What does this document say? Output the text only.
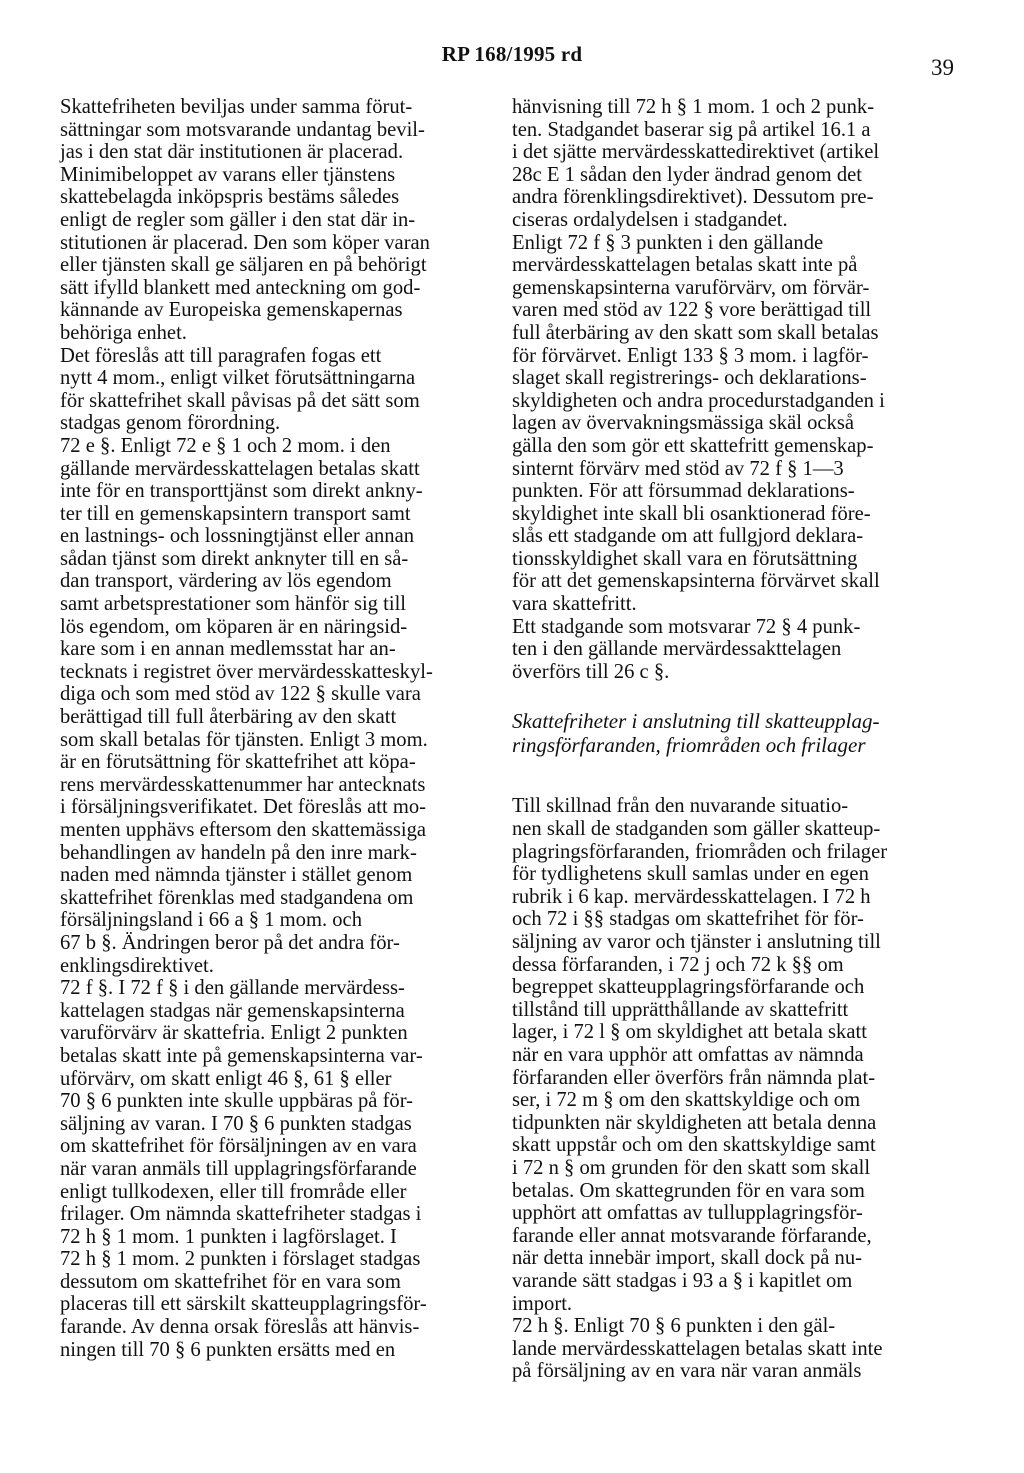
RP 168/1995 rd
39
Skattefriheten beviljas under samma förut-
sättningar som motsvarande undantag bevil-
jas i den stat där institutionen är placerad.
Minimibeloppet av varans eller tjänstens
skattebelagda inköpspris bestäms således
enligt de regler som gäller i den stat där in-
stitutionen är placerad. Den som köper varan
eller tjänsten skall ge säljaren en på behörigt
sätt ifylld blankett med anteckning om god-
kännande av Europeiska gemenskapernas
behöriga enhet.
Det föreslås att till paragrafen fogas ett
nytt 4 mom., enligt vilket förutsättningarna
för skattefrihet skall påvisas på det sätt som
stadgas genom förordning.
72 e §. Enligt 72 e § 1 och 2 mom. i den
gällande mervärdesskattelagen betalas skatt
inte för en transporttjänst som direkt ankny-
ter till en gemenskapsintern transport samt
en lastnings- och lossningtjänst eller annan
sådan tjänst som direkt anknyter till en så-
dan transport, värdering av lös egendom
samt arbetsprestationer som hänför sig till
lös egendom, om köparen är en näringsid-
kare som i en annan medlemsstat har an-
tecknats i registret över mervärdesskatteskyl-
diga och som med stöd av 122 § skulle vara
berättigad till full återbäring av den skatt
som skall betalas för tjänsten. Enligt 3 mom.
är en förutsättning för skattefrihet att köpa-
rens mervärdesskattenummer har antecknats
i försäljningsverifikatet. Det föreslås att mo-
menten upphävs eftersom den skattemässiga
behandlingen av handeln på den inre mark-
naden med nämnda tjänster i stället genom
skattefrihet förenklas med stadgandena om
försäljningsland i 66 a § 1 mom. och
67 b §. Ändringen beror på det andra för-
enklingsdirektivet.
72 f §. I 72 f § i den gällande mervärdess-
kattelagen stadgas när gemenskapsinterna
varuförvärv är skattefria. Enligt 2 punkten
betalas skatt inte på gemenskapsinterna var-
uförvärv, om skatt enligt 46 §, 61 § eller
70 § 6 punkten inte skulle uppbäras på för-
säljning av varan. I 70 § 6 punkten stadgas
om skattefrihet för försäljningen av en vara
när varan anmäls till upplagringsförfarande
enligt tullkodexen, eller till frområde eller
frilager. Om nämnda skattefriheter stadgas i
72 h § 1 mom. 1 punkten i lagförslaget. I
72 h § 1 mom. 2 punkten i förslaget stadgas
dessutom om skattefrihet för en vara som
placeras till ett särskilt skatteupplagringsför-
farande. Av denna orsak föreslås att hänvis-
ningen till 70 § 6 punkten ersätts med en
hänvisning till 72 h § 1 mom. 1 och 2 punk-
ten. Stadgandet baserar sig på artikel 16.1 a
i det sjätte mervärdesskattedirektivet (artikel
28c E 1 sådan den lyder ändrad genom det
andra förenklingsdirektivet). Dessutom pre-
ciseras ordalydelsen i stadgandet.
Enligt 72 f § 3 punkten i den gällande
mervärdesskattelagen betalas skatt inte på
gemenskapsinterna varuförvärv, om förvär-
varen med stöd av 122 § vore berättigad till
full återbäring av den skatt som skall betalas
för förvärvet. Enligt 133 § 3 mom. i lagför-
slaget skall registrerings- och deklarations-
skyldigheten och andra procedurstadganden i
lagen av övervakningsmässiga skäl också
gälla den som gör ett skattefritt gemenskap-
sinternt förvärv med stöd av 72 f § 1—3
punkten. För att försummad deklarations-
skyldighet inte skall bli osanktionerad före-
slås ett stadgande om att fullgjord deklara-
tionsskyldighet skall vara en förutsättning
för att det gemenskapsinterna förvärvet skall
vara skattefritt.
Ett stadgande som motsvarar 72 § 4 punk-
ten i den gällande mervärdessakttelagen
överförs till 26 c §.
Skattefriheter i anslutning till skatteupplag-
ringsförfaranden, friområden och frilager
Till skillnad från den nuvarande situatio-
nen skall de stadganden som gäller skatteup-
plagringsförfaranden, friområden och frilager
för tydlighetens skull samlas under en egen
rubrik i 6 kap. mervärdesskattelagen. I 72 h
och 72 i §§ stadgas om skattefrihet för för-
säljning av varor och tjänster i anslutning till
dessa förfaranden, i 72 j och 72 k §§ om
begreppet skatteupplagringsförfarande och
tillstånd till upprätthållande av skattefritt
lager, i 72 l § om skyldighet att betala skatt
när en vara upphör att omfattas av nämnda
förfaranden eller överförs från nämnda plat-
ser, i 72 m § om den skattskyldige och om
tidpunkten när skyldigheten att betala denna
skatt uppstår och om den skattskyldige samt
i 72 n § om grunden för den skatt som skall
betalas. Om skattegrunden för en vara som
upphört att omfattas av tullupplagringsför-
farande eller annat motsvarande förfarande,
när detta innebär import, skall dock på nu-
varande sätt stadgas i 93 a § i kapitlet om
import.
72 h §. Enligt 70 § 6 punkten i den gäl-
lande mervärdesskattelagen betalas skatt inte
på försäljning av en vara när varan anmäls
